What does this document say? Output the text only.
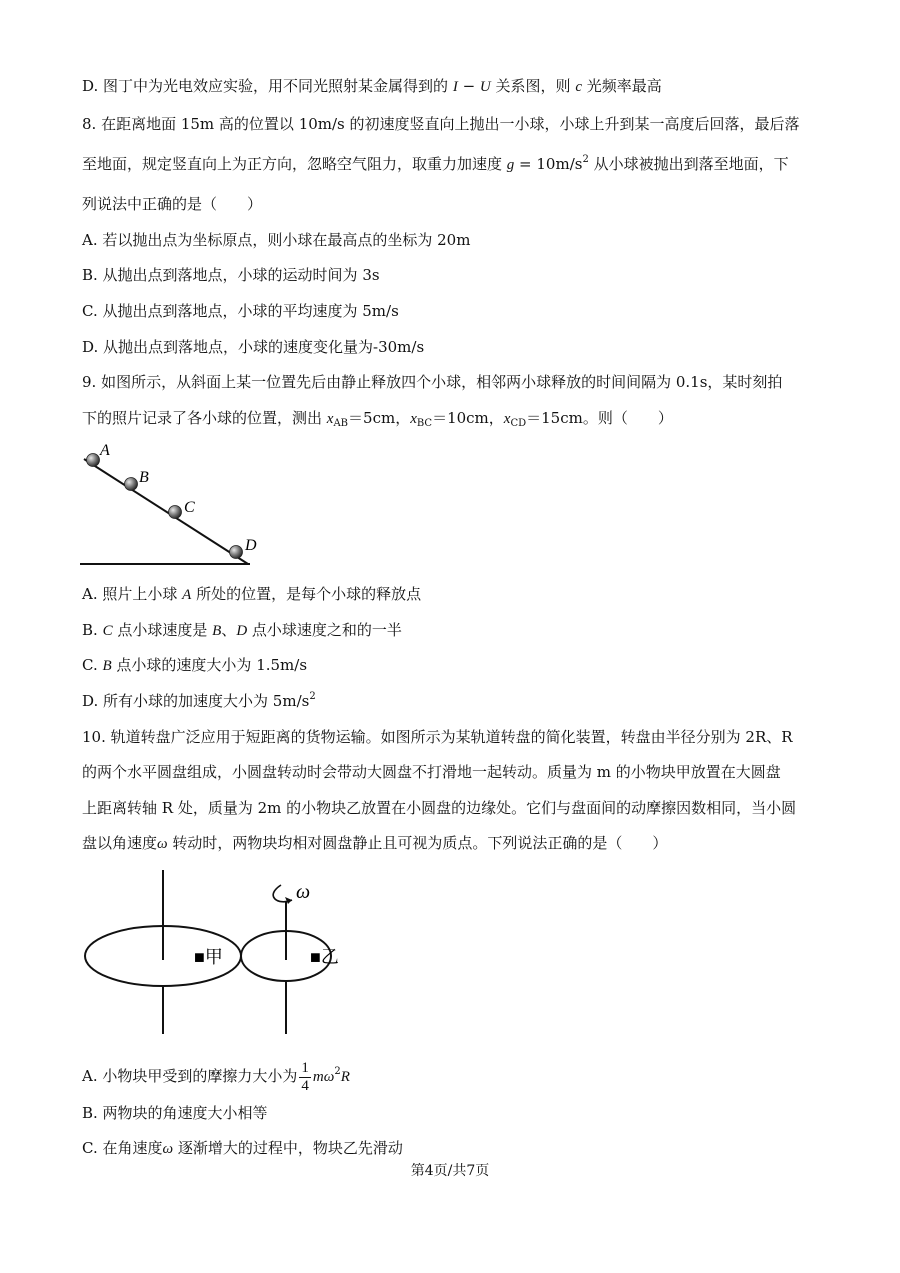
D. 图丁中为光电效应实验，用不同光照射某金属得到的 I − U 关系图，则 c 光频率最高
8. 在距离地面 15m 高的位置以 10m/s 的初速度竖直向上抛出一小球，小球上升到某一高度后回落，最后落
至地面，规定竖直向上为正方向，忽略空气阻力，取重力加速度 $g = 10m/s^2$ 从小球被抛出到落至地面，下
列说法中正确的是（　　）
A. 若以抛出点为坐标原点，则小球在最高点的坐标为 20m
B. 从抛出点到落地点，小球的运动时间为 3s
C. 从抛出点到落地点，小球的平均速度为 5m/s
D. 从抛出点到落地点，小球的速度变化量为-30m/s
9. 如图所示，从斜面上某一位置先后由静止释放四个小球，相邻两小球释放的时间间隔为 0.1s，某时刻拍
下的照片记录了各小球的位置，测出 $x_{AB}=5cm$，$x_{BC}=10cm$，$x_{CD}=15cm$。则（　　）
A
B
C
D
A. 照片上小球 A 所处的位置，是每个小球的释放点
B. C 点小球速度是 B、D 点小球速度之和的一半
C. B 点小球的速度大小为 1.5m/s
D. 所有小球的加速度大小为 $5m/s^2$
10. 轨道转盘广泛应用于短距离的货物运输。如图所示为某轨道转盘的简化装置，转盘由半径分别为 2R、R
的两个水平圆盘组成，小圆盘转动时会带动大圆盘不打滑地一起转动。质量为 m 的小物块甲放置在大圆盘
上距离转轴 R 处，质量为 2m 的小物块乙放置在小圆盘的边缘处。它们与盘面间的动摩擦因数相同，当小圆
盘以角速度ω 转动时，两物块均相对圆盘静止且可视为质点。下列说法正确的是（　　）
ω
■甲	■乙
A. 小物块甲受到的摩擦力大小为 $\frac{1}{4} m\omega^2R$
B. 两物块的角速度大小相等
C. 在角速度ω 逐渐增大的过程中，物块乙先滑动
第4页/共7页
